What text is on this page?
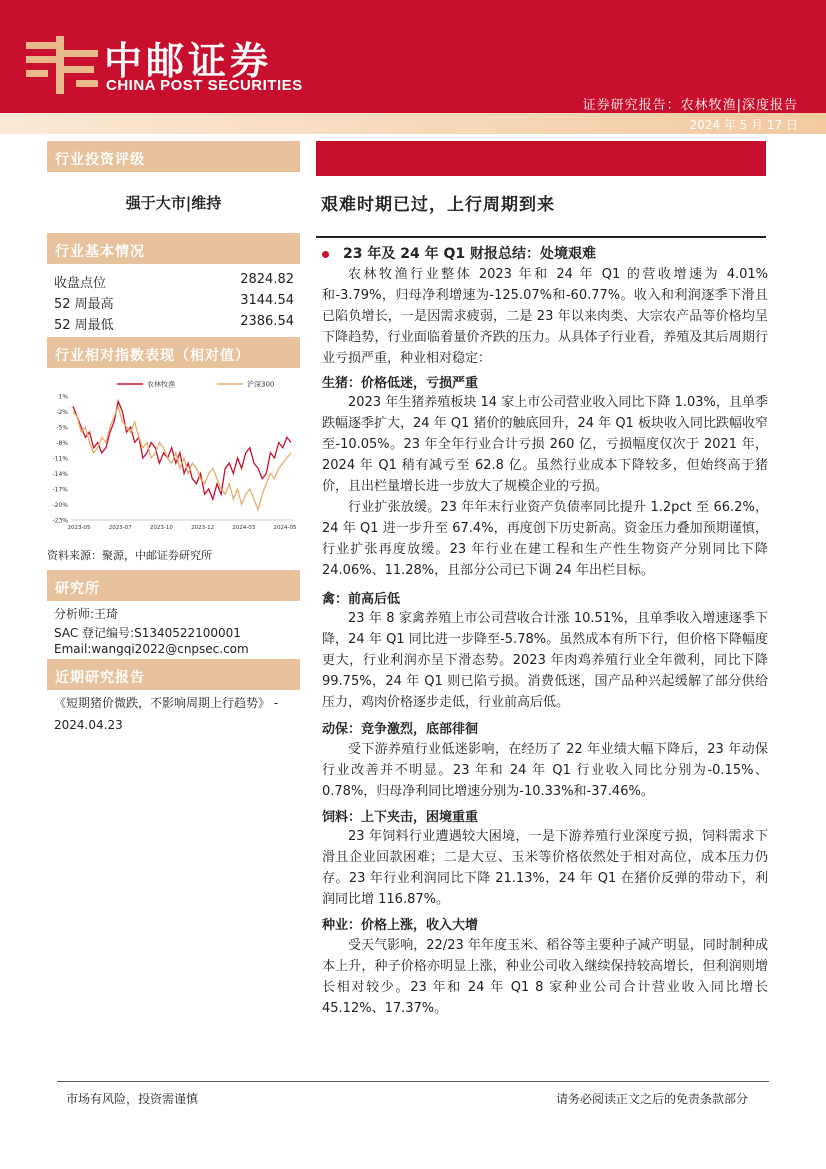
中邮证券
CHINA POST SECURITIES
证券研究报告：农林牧渔|深度报告
2024 年 5 月 17 日
行业投资评级
强于大市|维持
行业基本情况
收盘点位	2824.82
52 周最高	3144.54
52 周最低	2386.54
行业相对指数表现（相对值）
1%
-2%
-5%
-8%
-11%
-14%
-17%
-20%
-23%
2023-05	2023-07	2023-10	2023-12	2024-03	2024-05
农林牧渔	沪深300
资料来源：聚源，中邮证券研究所
研究所
分析师:王琦
SAC 登记编号:S1340522100001
Email:wangqi2022@cnpsec.com
近期研究报告
《短期猪价微跌，不影响周期上行趋势》 - 2024.04.23
艰难时期已过，上行周期到来
23 年及 24 年 Q1 财报总结：处境艰难

农林牧渔行业整体 2023 年和 24 年 Q1 的营收增速为 4.01%和-3.79%，归母净利增速为-125.07%和-60.77%。收入和利润逐季下滑且已陷负增长，一是因需求疲弱，二是 23 年以来肉类、大宗农产品等价格均呈下降趋势，行业面临着量价齐跌的压力。从具体子行业看，养殖及其后周期行业亏损严重，种业相对稳定：

生猪：价格低迷，亏损严重

2023 年生猪养殖板块 14 家上市公司营业收入同比下降 1.03%，且单季跌幅逐季扩大，24 年 Q1 猪价的触底回升，24 年 Q1 板块收入同比跌幅收窄至-10.05%。23 年全年行业合计亏损 260 亿，亏损幅度仅次于 2021 年，2024 年 Q1 稍有减亏至 62.8 亿。虽然行业成本下降较多，但始终高于猪价，且出栏量增长进一步放大了规模企业的亏损。

行业扩张放缓。23 年年末行业资产负债率同比提升 1.2pct 至 66.2%，24 年 Q1 进一步升至 67.4%，再度创下历史新高。资金压力叠加预期谨慎，行业扩张再度放缓。23 年行业在建工程和生产性生物资产分别同比下降 24.06%、11.28%，且部分公司已下调 24 年出栏目标。

禽：前高后低

23 年 8 家禽养殖上市公司营收合计涨 10.51%，且单季收入增速逐季下降，24 年 Q1 同比进一步降至-5.78%。虽然成本有所下行，但价格下降幅度更大，行业利润亦呈下滑态势。2023 年肉鸡养殖行业全年微利，同比下降 99.75%，24 年 Q1 则已陷亏损。消费低迷，国产品种兴起缓解了部分供给压力，鸡肉价格逐步走低，行业前高后低。

动保：竞争激烈，底部徘徊

受下游养殖行业低迷影响，在经历了 22 年业绩大幅下降后，23 年动保行业改善并不明显。23 年和 24 年 Q1 行业收入同比分别为-0.15%、0.78%，归母净利同比增速分别为-10.33%和-37.46%。

饲料：上下夹击，困境重重

23 年饲料行业遭遇较大困境，一是下游养殖行业深度亏损，饲料需求下滑且企业回款困难；二是大豆、玉米等价格依然处于相对高位，成本压力仍存。23 年行业利润同比下降 21.13%，24 年 Q1 在猪价反弹的带动下，利润同比增 116.87%。

种业：价格上涨，收入大增

受天气影响，22/23 年年度玉米、稻谷等主要种子减产明显，同时制种成本上升，种子价格亦明显上涨，种业公司收入继续保持较高增长，但利润则增长相对较少。23 年和 24 年 Q1 8 家种业公司合计营业收入同比增长 45.12%、17.37%。

市场有风险，投资需谨慎	请务必阅读正文之后的免责条款部分
